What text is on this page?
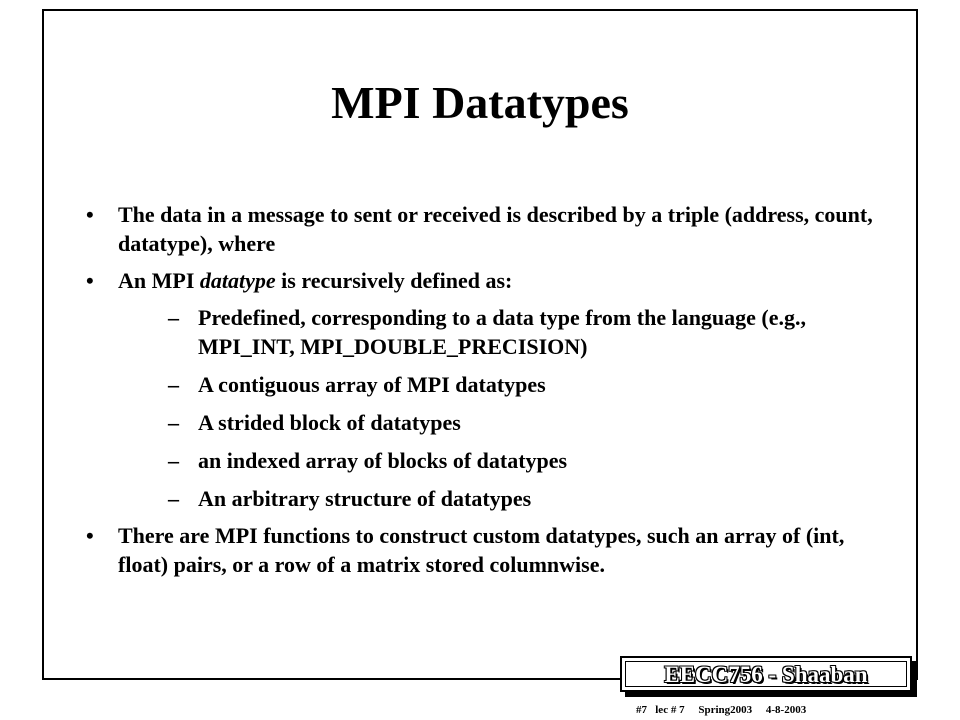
MPI Datatypes
• The data in a message to sent or received is described by a triple (address, count, datatype), where
• An MPI datatype is recursively defined as:
– Predefined, corresponding to a data type from the language (e.g., MPI_INT, MPI_DOUBLE_PRECISION)
– A contiguous array of MPI datatypes
– A strided block of datatypes
– an indexed array of blocks of datatypes
– An arbitrary structure of datatypes
• There are MPI functions to construct custom datatypes, such an array of (int, float) pairs, or a row of a matrix stored columnwise.
EECC756 - Shaaban
#7 lec # 7 Spring2003 4-8-2003
